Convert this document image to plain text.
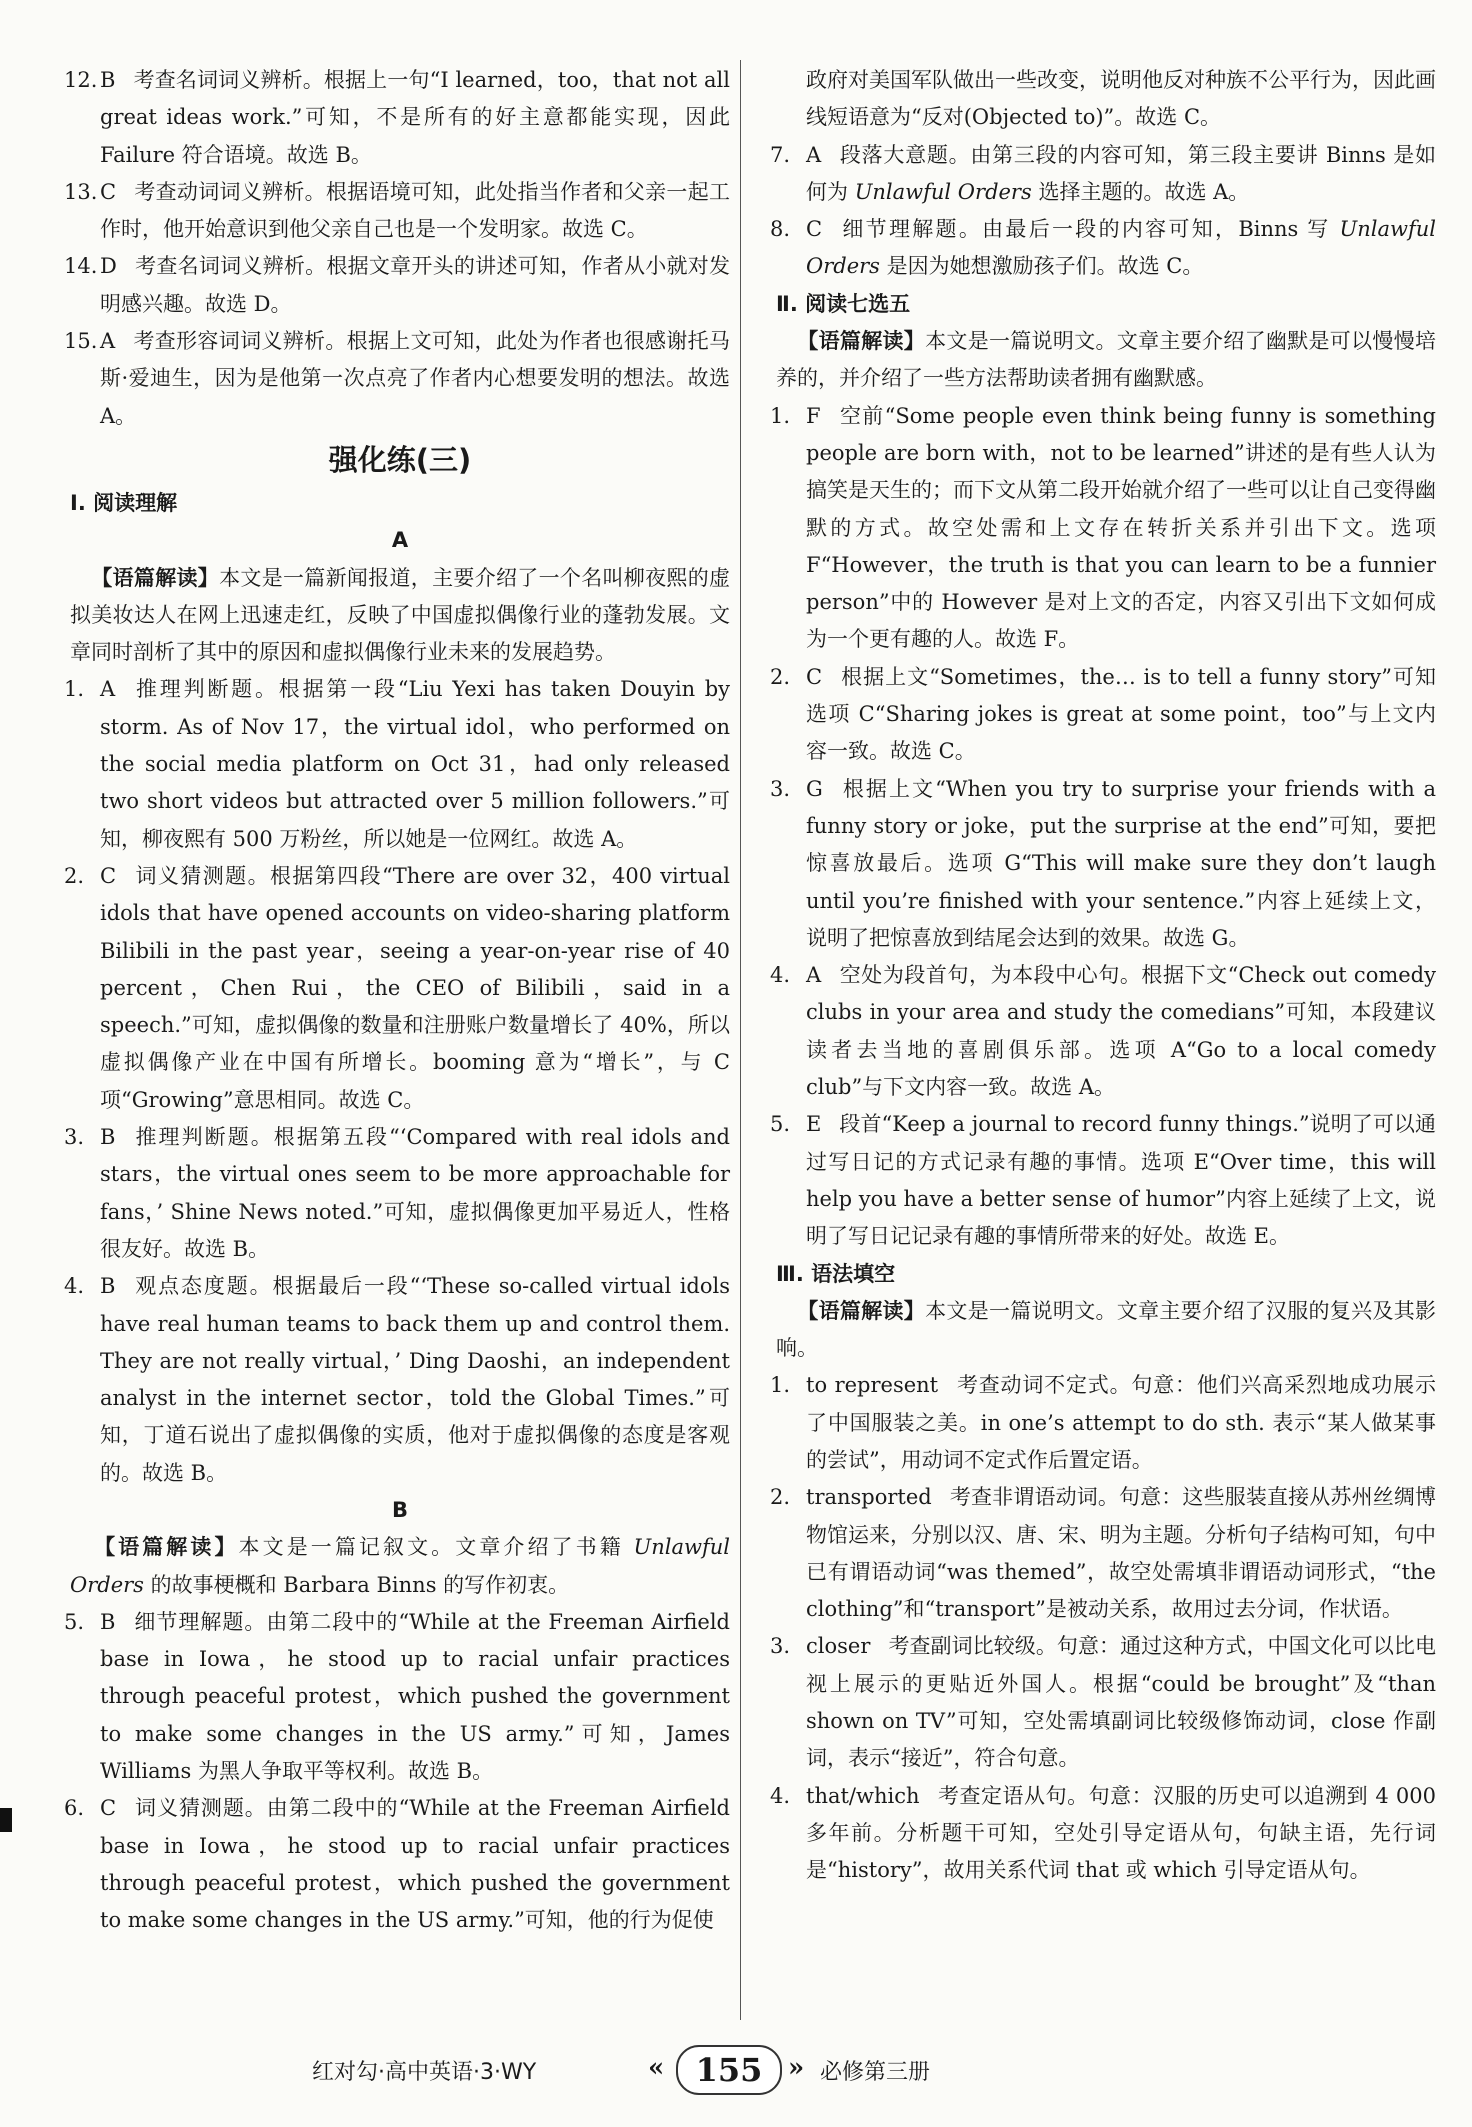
12. B 考查名词词义辨析。根据上一句“I learned，too，that not all great ideas work.”可知，不是所有的好主意都能实现，因此 Failure 符合语境。故选 B。
13. C 考查动词词义辨析。根据语境可知，此处指当作者和父亲一起工作时，他开始意识到他父亲自己也是一个发明家。故选 C。
14. D 考查名词词义辨析。根据文章开头的讲述可知，作者从小就对发明感兴趣。故选 D。
15. A 考查形容词词义辨析。根据上文可知，此处为作者也很感谢托马斯·爱迪生，因为是他第一次点亮了作者内心想要发明的想法。故选 A。
强化练(三)
Ⅰ. 阅读理解
A
 【语篇解读】本文是一篇新闻报道，主要介绍了一个名叫柳夜熙的虚拟美妆达人在网上迅速走红，反映了中国虚拟偶像行业的蓬勃发展。文章同时剖析了其中的原因和虚拟偶像行业未来的发展趋势。
1. A 推理判断题。根据第一段“Liu Yexi has taken Douyin by storm. As of Nov 17，the virtual idol，who performed on the social media platform on Oct 31，had only released two short videos but attracted over 5 million followers.”可知，柳夜熙有 500 万粉丝，所以她是一位网红。故选 A。
2. C 词义猜测题。根据第四段“There are over 32，400 virtual idols that have opened accounts on video-sharing platform Bilibili in the past year，seeing a year-on-year rise of 40 percent，Chen Rui，the CEO of Bilibili，said in a speech.”可知，虚拟偶像的数量和注册账户数量增长了 40%，所以虚拟偶像产业在中国有所增长。booming 意为“增长”，与 C 项“Growing”意思相同。故选 C。
3. B 推理判断题。根据第五段“‘Compared with real idols and stars，the virtual ones seem to be more approachable for fans，’ Shine News noted.”可知，虚拟偶像更加平易近人，性格很友好。故选 B。
4. B 观点态度题。根据最后一段“‘These so-called virtual idols have real human teams to back them up and control them. They are not really virtual，’ Ding Daoshi，an independent analyst in the internet sector，told the Global Times.”可知，丁道石说出了虚拟偶像的实质，他对于虚拟偶像的态度是客观的。故选 B。
B
 【语篇解读】本文是一篇记叙文。文章介绍了书籍 Unlawful Orders 的故事梗概和 Barbara Binns 的写作初衷。
5. B 细节理解题。由第二段中的“While at the Freeman Airfield base in Iowa，he stood up to racial unfair practices through peaceful protest，which pushed the government to make some changes in the US army.”可知，James Williams 为黑人争取平等权利。故选 B。
6. C 词义猜测题。由第二段中的“While at the Freeman Airfield base in Iowa，he stood up to racial unfair practices through peaceful protest，which pushed the government to make some changes in the US army.”可知，他的行为促使
政府对美国军队做出一些改变，说明他反对种族不公平行为，因此画线短语意为“反对(Objected to)”。故选 C。
7. A 段落大意题。由第三段的内容可知，第三段主要讲 Binns 是如何为 Unlawful Orders 选择主题的。故选 A。
8. C 细节理解题。由最后一段的内容可知，Binns 写 Unlawful Orders 是因为她想激励孩子们。故选 C。
Ⅱ. 阅读七选五
 【语篇解读】本文是一篇说明文。文章主要介绍了幽默是可以慢慢培养的，并介绍了一些方法帮助读者拥有幽默感。
1. F 空前“Some people even think being funny is something people are born with，not to be learned”讲述的是有些人认为搞笑是天生的；而下文从第二段开始就介绍了一些可以让自己变得幽默的方式。故空处需和上文存在转折关系并引出下文。选项 F“However，the truth is that you can learn to be a funnier person”中的 However 是对上文的否定，内容又引出下文如何成为一个更有趣的人。故选 F。
2. C 根据上文“Sometimes，the… is to tell a funny story”可知选项 C“Sharing jokes is great at some point，too”与上文内容一致。故选 C。
3. G 根据上文“When you try to surprise your friends with a funny story or joke，put the surprise at the end”可知，要把惊喜放最后。选项 G“This will make sure they don’t laugh until you’re finished with your sentence.”内容上延续上文，说明了把惊喜放到结尾会达到的效果。故选 G。
4. A 空处为段首句，为本段中心句。根据下文“Check out comedy clubs in your area and study the comedians”可知，本段建议读者去当地的喜剧俱乐部。选项 A“Go to a local comedy club”与下文内容一致。故选 A。
5. E 段首“Keep a journal to record funny things.”说明了可以通过写日记的方式记录有趣的事情。选项 E“Over time，this will help you have a better sense of humor”内容上延续了上文，说明了写日记记录有趣的事情所带来的好处。故选 E。
Ⅲ. 语法填空
 【语篇解读】本文是一篇说明文。文章主要介绍了汉服的复兴及其影响。
1. to represent 考查动词不定式。句意：他们兴高采烈地成功展示了中国服装之美。in one’s attempt to do sth. 表示“某人做某事的尝试”，用动词不定式作后置定语。
2. transported 考查非谓语动词。句意：这些服装直接从苏州丝绸博物馆运来，分别以汉、唐、宋、明为主题。分析句子结构可知，句中已有谓语动词“was themed”，故空处需填非谓语动词形式，“the clothing”和“transport”是被动关系，故用过去分词，作状语。
3. closer 考查副词比较级。句意：通过这种方式，中国文化可以比电视上展示的更贴近外国人。根据“could be brought”及“than shown on TV”可知，空处需填副词比较级修饰动词，close 作副词，表示“接近”，符合句意。
4. that/which 考查定语从句。句意：汉服的历史可以追溯到 4 000 多年前。分析题干可知，空处引导定语从句，句缺主语，先行词是“history”，故用关系代词 that 或 which 引导定语从句。
红对勾·高中英语·3·WY	« 155 » 必修第三册
